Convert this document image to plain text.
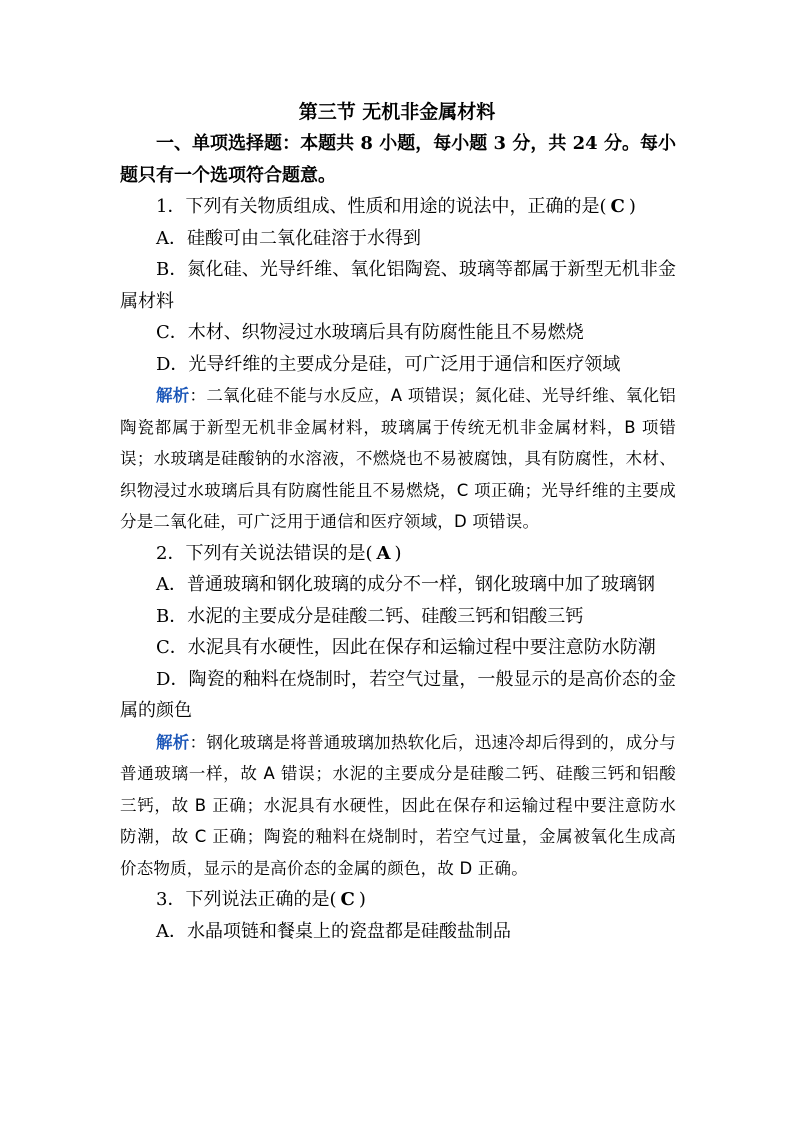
第三节 无机非金属材料

一、单项选择题：本题共 8 小题，每小题 3 分，共 24 分。每小题只有一个选项符合题意。

1．下列有关物质组成、性质和用途的说法中，正确的是( C )

A．硅酸可由二氧化硅溶于水得到

B．氮化硅、光导纤维、氧化铝陶瓷、玻璃等都属于新型无机非金属材料

C．木材、织物浸过水玻璃后具有防腐性能且不易燃烧

D．光导纤维的主要成分是硅，可广泛用于通信和医疗领域

解析：二氧化硅不能与水反应，A 项错误；氮化硅、光导纤维、氧化铝陶瓷都属于新型无机非金属材料，玻璃属于传统无机非金属材料，B 项错误；水玻璃是硅酸钠的水溶液，不燃烧也不易被腐蚀，具有防腐性，木材、织物浸过水玻璃后具有防腐性能且不易燃烧，C 项正确；光导纤维的主要成分是二氧化硅，可广泛用于通信和医疗领域，D 项错误。

2．下列有关说法错误的是( A )

A．普通玻璃和钢化玻璃的成分不一样，钢化玻璃中加了玻璃钢

B．水泥的主要成分是硅酸二钙、硅酸三钙和铝酸三钙

C．水泥具有水硬性，因此在保存和运输过程中要注意防水防潮

D．陶瓷的釉料在烧制时，若空气过量，一般显示的是高价态的金属的颜色

解析：钢化玻璃是将普通玻璃加热软化后，迅速冷却后得到的，成分与普通玻璃一样，故 A 错误；水泥的主要成分是硅酸二钙、硅酸三钙和铝酸三钙，故 B 正确；水泥具有水硬性，因此在保存和运输过程中要注意防水防潮，故 C 正确；陶瓷的釉料在烧制时，若空气过量，金属被氧化生成高价态物质，显示的是高价态的金属的颜色，故 D 正确。

3．下列说法正确的是( C )

A．水晶项链和餐桌上的瓷盘都是硅酸盐制品
